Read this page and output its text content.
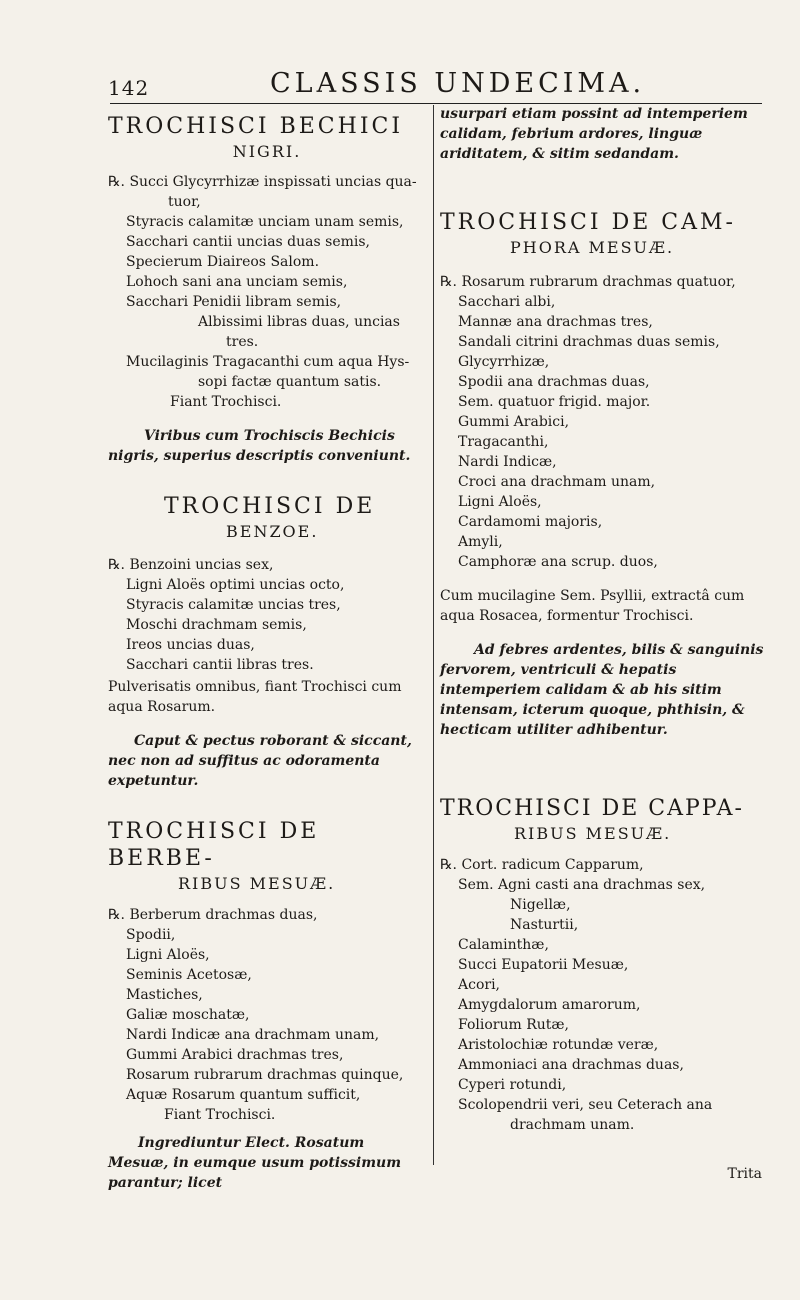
142	CLASSIS UNDECIMA.
TROCHISCI BECHICI
NIGRI.

℞. Succi Glycyrrhizæ inspissati uncias qua-

tuor,

Styracis calamitæ unciam unam semis,

Sacchari cantii uncias duas semis,

Specierum Diaireos Salom.

Lohoch sani ana unciam semis,

Sacchari Penidii libram semis,

Albissimi libras duas, uncias

tres.

Mucilaginis Tragacanthi cum aqua Hys-

sopi factæ quantum satis.

Fiant Trochisci.

Viribus cum Trochiscis Bechicis nigris, superius descriptis conveniunt.

TROCHISCI DE
BENZOE.

℞. Benzoini uncias sex,

Ligni Aloës optimi uncias octo,

Styracis calamitæ uncias tres,

Moschi drachmam semis,

Ireos uncias duas,

Sacchari cantii libras tres.

Pulverisatis omnibus, fiant Trochisci cum aqua Rosarum.

Caput & pectus roborant & siccant, nec non ad suffitus ac odoramenta expetuntur.

TROCHISCI DE BERBE-
RIBUS MESUÆ.

℞. Berberum drachmas duas,

Spodii,

Ligni Aloës,

Seminis Acetosæ,

Mastiches,

Galiæ moschatæ,

Nardi Indicæ ana drachmam unam,

Gummi Arabici drachmas tres,

Rosarum rubrarum drachmas quinque,

Aquæ Rosarum quantum sufficit,

Fiant Trochisci.

Ingrediuntur Elect. Rosatum Mesuæ, in eumque usum potissimum parantur; licet

usurpari etiam possint ad intemperiem calidam, febrium ardores, linguæ ariditatem, & sitim sedandam.

TROCHISCI DE CAM-
PHORA MESUÆ.

℞. Rosarum rubrarum drachmas quatuor,

Sacchari albi,

Mannæ ana drachmas tres,

Sandali citrini drachmas duas semis,

Glycyrrhizæ,

Spodii ana drachmas duas,

Sem. quatuor frigid. major.

Gummi Arabici,

Tragacanthi,

Nardi Indicæ,

Croci ana drachmam unam,

Ligni Aloës,

Cardamomi majoris,

Amyli,

Camphoræ ana scrup. duos,

Cum mucilagine Sem. Psyllii, extractâ cum aqua Rosacea, formentur Trochisci.

Ad febres ardentes, bilis & sanguinis fervorem, ventriculi & hepatis intemperiem calidam & ab his sitim intensam, icterum quoque, phthisin, & hecticam utiliter adhibentur.

TROCHISCI DE CAPPA-
RIBUS MESUÆ.

℞. Cort. radicum Capparum,

Sem. Agni casti ana drachmas sex,

Nigellæ,

Nasturtii,

Calaminthæ,

Succi Eupatorii Mesuæ,

Acori,

Amygdalorum amarorum,

Foliorum Rutæ,

Aristolochiæ rotundæ veræ,

Ammoniaci ana drachmas duas,

Cyperi rotundi,

Scolopendrii veri, seu Ceterach ana

drachmam unam.

Trita
